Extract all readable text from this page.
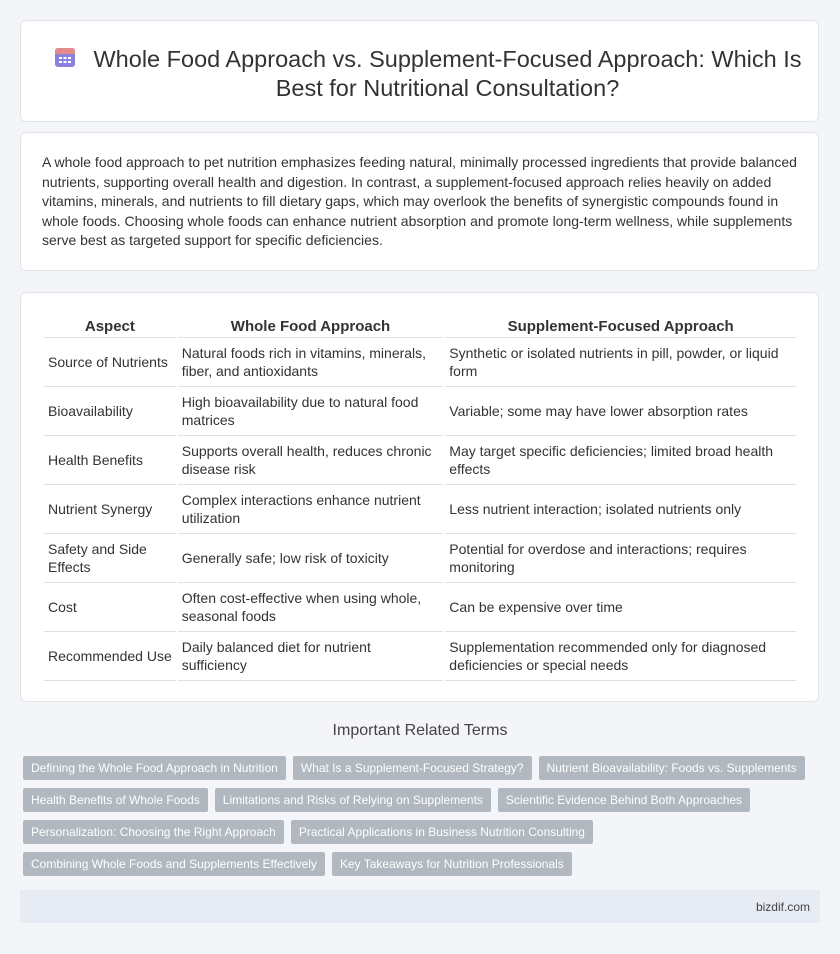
Whole Food Approach vs. Supplement-Focused Approach: Which Is Best for Nutritional Consultation?

A whole food approach to pet nutrition emphasizes feeding natural, minimally processed ingredients that provide balanced nutrients, supporting overall health and digestion. In contrast, a supplement-focused approach relies heavily on added vitamins, minerals, and nutrients to fill dietary gaps, which may overlook the benefits of synergistic compounds found in whole foods. Choosing whole foods can enhance nutrient absorption and promote long-term wellness, while supplements serve best as targeted support for specific deficiencies.

Aspect	Whole Food Approach	Supplement-Focused Approach
Source of Nutrients	Natural foods rich in vitamins, minerals, fiber, and antioxidants	Synthetic or isolated nutrients in pill, powder, or liquid form
Bioavailability	High bioavailability due to natural food matrices	Variable; some may have lower absorption rates
Health Benefits	Supports overall health, reduces chronic disease risk	May target specific deficiencies; limited broad health effects
Nutrient Synergy	Complex interactions enhance nutrient utilization	Less nutrient interaction; isolated nutrients only
Safety and Side Effects	Generally safe; low risk of toxicity	Potential for overdose and interactions; requires monitoring
Cost	Often cost-effective when using whole, seasonal foods	Can be expensive over time
Recommended Use	Daily balanced diet for nutrient sufficiency	Supplementation recommended only for diagnosed deficiencies or special needs
Important Related Terms
Defining the Whole Food Approach in Nutrition	What Is a Supplement-Focused Strategy?	Nutrient Bioavailability: Foods vs. Supplements
Health Benefits of Whole Foods	Limitations and Risks of Relying on Supplements	Scientific Evidence Behind Both Approaches
Personalization: Choosing the Right Approach	Practical Applications in Business Nutrition Consulting
Combining Whole Foods and Supplements Effectively	Key Takeaways for Nutrition Professionals
bizdif.com
